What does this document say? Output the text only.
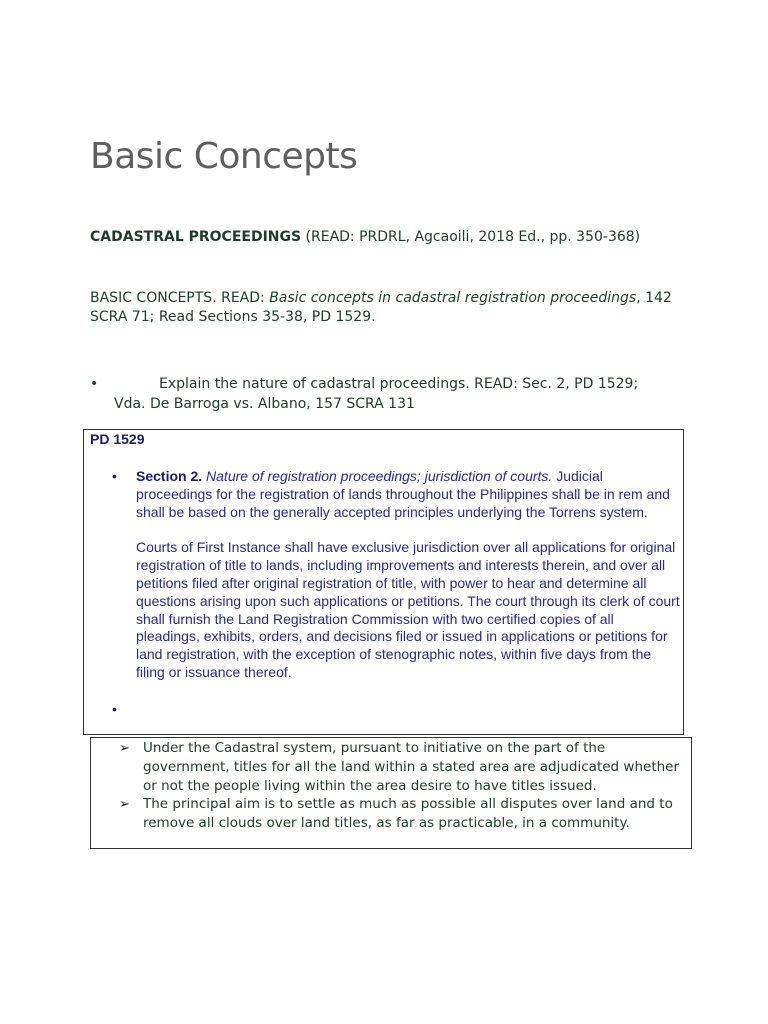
Basic Concepts
CADASTRAL PROCEEDINGS (READ: PRDRL, Agcaoili, 2018 Ed., pp. 350-368)
BASIC CONCEPTS. READ: Basic concepts in cadastral registration proceedings, 142 SCRA 71; Read Sections 35-38, PD 1529.
•	Explain the nature of cadastral proceedings. READ: Sec. 2, PD 1529; Vda. De Barroga vs. Albano, 157 SCRA 131
PD 1529
• Section 2. Nature of registration proceedings; jurisdiction of courts. Judicial proceedings for the registration of lands throughout the Philippines shall be in rem and shall be based on the generally accepted principles underlying the Torrens system.
Courts of First Instance shall have exclusive jurisdiction over all applications for original registration of title to lands, including improvements and interests therein, and over all petitions filed after original registration of title, with power to hear and determine all questions arising upon such applications or petitions. The court through its clerk of court shall furnish the Land Registration Commission with two certified copies of all pleadings, exhibits, orders, and decisions filed or issued in applications or petitions for land registration, with the exception of stenographic notes, within five days from the filing or issuance thereof.
•
➢ Under the Cadastral system, pursuant to initiative on the part of the government, titles for all the land within a stated area are adjudicated whether or not the people living within the area desire to have titles issued.
➢ The principal aim is to settle as much as possible all disputes over land and to remove all clouds over land titles, as far as practicable, in a community.
